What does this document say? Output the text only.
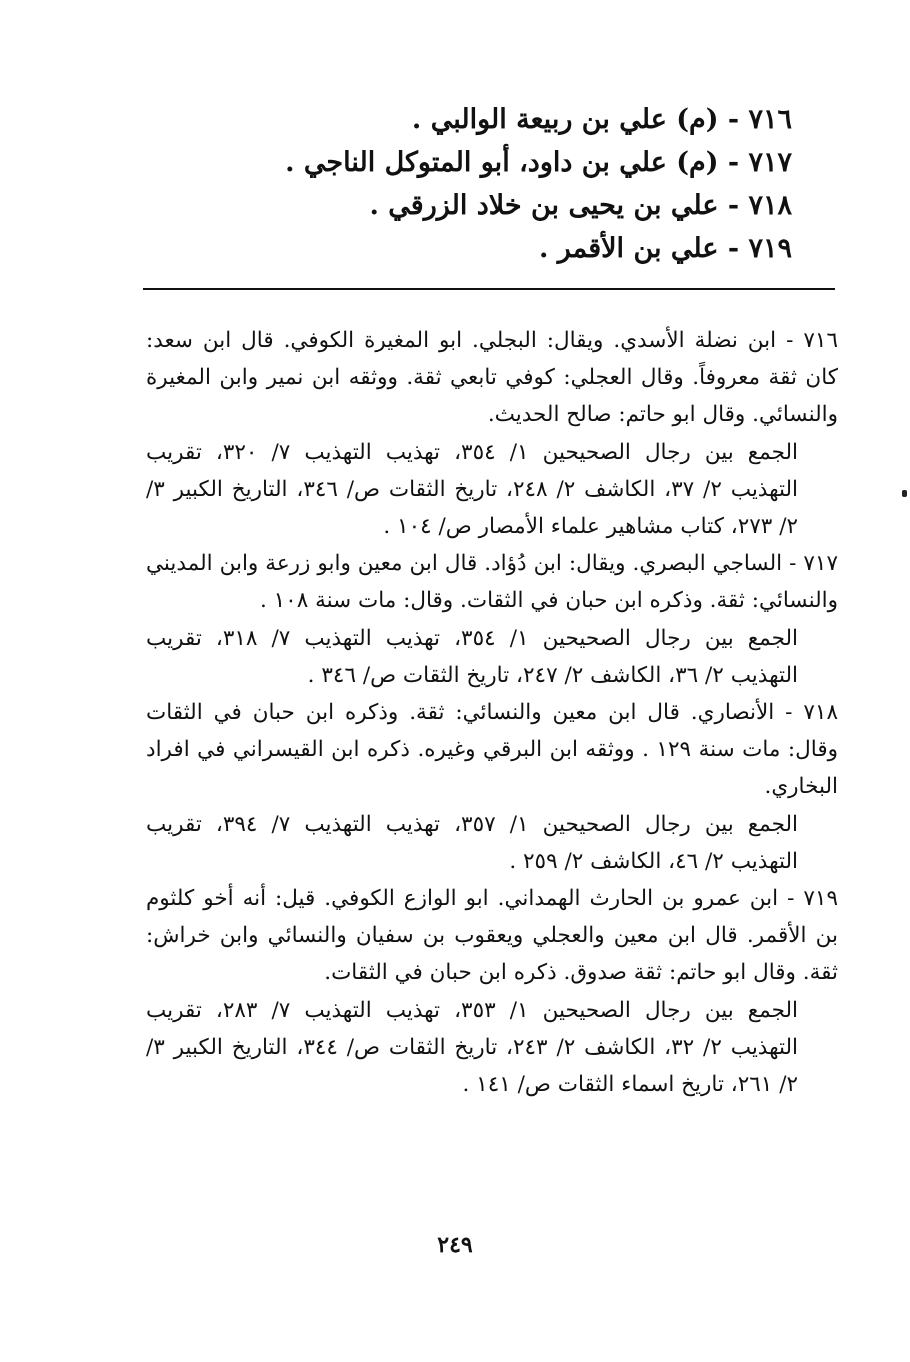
٧١٦ - (م) علي بن ربيعة الوالبي .
٧١٧ - (م) علي بن داود، أبو المتوكل الناجي .
٧١٨ - علي بن يحيى بن خلاد الزرقي .
٧١٩ - علي بن الأقمر .

٧١٦ - ابن نضلة الأسدي. ويقال: البجلي. ابو المغيرة الكوفي. قال ابن سعد: كان ثقة معروفاً. وقال العجلي: كوفي تابعي ثقة. ووثقه ابن نمير وابن المغيرة والنسائي. وقال ابو حاتم: صالح الحديث.

الجمع بين رجال الصحيحين ١/ ٣٥٤، تهذيب التهذيب ٧/ ٣٢٠، تقريب التهذيب ٢/ ٣٧، الكاشف ٢/ ٢٤٨، تاريخ الثقات ص/ ٣٤٦، التاريخ الكبير ٣/ ٢/ ٢٧٣، كتاب مشاهير علماء الأمصار ص/ ١٠٤ .

٧١٧ - الساجي البصري. ويقال: ابن دُؤاد. قال ابن معين وابو زرعة وابن المديني والنسائي: ثقة. وذكره ابن حبان في الثقات. وقال: مات سنة ١٠٨ .

الجمع بين رجال الصحيحين ١/ ٣٥٤، تهذيب التهذيب ٧/ ٣١٨، تقريب التهذيب ٢/ ٣٦، الكاشف ٢/ ٢٤٧، تاريخ الثقات ص/ ٣٤٦ .

٧١٨ - الأنصاري. قال ابن معين والنسائي: ثقة. وذكره ابن حبان في الثقات وقال: مات سنة ١٢٩ . ووثقه ابن البرقي وغيره. ذكره ابن القيسراني في افراد البخاري.

الجمع بين رجال الصحيحين ١/ ٣٥٧، تهذيب التهذيب ٧/ ٣٩٤، تقريب التهذيب ٢/ ٤٦، الكاشف ٢/ ٢٥٩ .

٧١٩ - ابن عمرو بن الحارث الهمداني. ابو الوازع الكوفي. قيل: أنه أخو كلثوم بن الأقمر. قال ابن معين والعجلي ويعقوب بن سفيان والنسائي وابن خراش: ثقة. وقال ابو حاتم: ثقة صدوق. ذكره ابن حبان في الثقات.

الجمع بين رجال الصحيحين ١/ ٣٥٣، تهذيب التهذيب ٧/ ٢٨٣، تقريب التهذيب ٢/ ٣٢، الكاشف ٢/ ٢٤٣، تاريخ الثقات ص/ ٣٤٤، التاريخ الكبير ٣/ ٢/ ٢٦١، تاريخ اسماء الثقات ص/ ١٤١ .

٢٤٩
